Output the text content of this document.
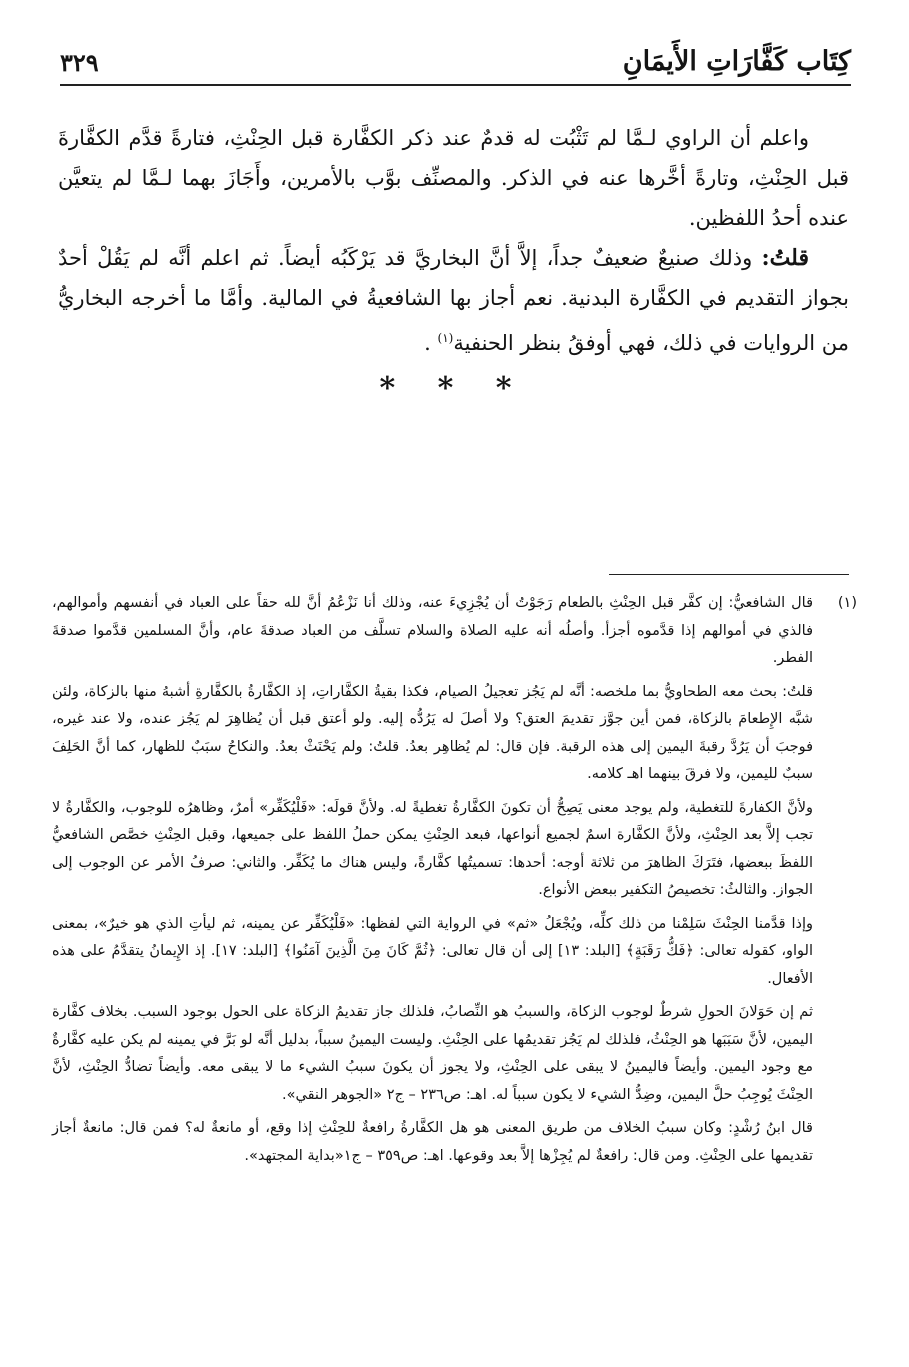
كِتَاب كَفَّارَاتِ الأَيمَانِ
٣٢٩

واعلم أن الراوي لـمَّا لم تَثْبُت له قدمٌ عند ذكر الكفَّارة قبل الحِنْثِ، فتارةً قدَّم الكفَّارةَ قبل الحِنْثِ، وتارةً أخَّرها عنه في الذكر. والمصنِّف بوَّب بالأمرين، وأَجَازَ بهما لـمَّا لم يتعيَّن عنده أحدُ اللفظين.

قلتُ: وذلك صنيعٌ ضعيفٌ جداً، إلاَّ أنَّ البخاريَّ قد يَرْكَبُه أيضاً. ثم اعلم أنَّه لم يَقُلْ أحدٌ بجواز التقديم في الكفَّارة البدنية. نعم أجاز بها الشافعيةُ في المالية. وأمَّا ما أخرجه البخاريُّ من الروايات في ذلك، فهي أوفقُ بنظر الحنفية$^{(١)}$ .

* * *
(١)

قال الشافعيُّ: إن كفَّر قبل الحِنْثِ بالطعام رَجَوْتُ أن يُجْزِيءَ عنه، وذلك أنا نَزْعُمُ أنَّ لله حقاً على العباد في أنفسهم وأموالهم، فالذي في أموالهم إذا قدَّموه أجزأ. وأصلُه أنه عليه الصلاة والسلام تسلَّف من العباد صدقةَ عام، وأنَّ المسلمين قدَّموا صدقةَ الفطر.

قلتُ: بحث معه الطحاويُّ بما ملخصه: أنَّه لم يَجُز تعجيلُ الصيام، فكذا بقيةُ الكفَّاراتِ، إذ الكفَّارةُ بالكفَّارةِ أشبهُ منها بالزكاة، ولئن شبَّه الإِطعامَ بالزكاة، فمن أين جوَّز تقديمَ العتق؟ ولا أصلَ له يَرُدُّه إليه. ولو أعتق قبل أن يُظاهِرَ لم يَجُز عنده، ولا عند غيره، فوجبَ أن يَرُدَّ رقبةَ اليمين إلى هذه الرقبة. فإن قال: لم يُظاهِر بعدُ. قلتُ: ولم يَحْنَثْ بعدُ. والنكاحُ سبَبٌ للظهار، كما أنَّ الحَلِفَ سببٌ لليمين، ولا فرقَ بينهما اهـ كلامه.

ولأنَّ الكفارةَ للتغطية، ولم يوجد معنى يَصِحُّ أن تكونَ الكفَّارةُ تغطيةً له. ولأنَّ قولَه: «فَلْيُكَفِّر» أمرٌ، وظاهرُه للوجوب، والكفَّارةُ لا تجب إلاَّ بعد الحِنْثِ، ولأنَّ الكفَّارة اسمٌ لجميع أنواعها، فبعد الحِنْثِ يمكن حملُ اللفظ على جميعها، وقبل الحِنْثِ خصَّص الشافعيُّ اللفظَ ببعضها، فتَرَكَ الظاهرَ من ثلاثة أوجه: أحدها: تسميتُها كفَّارةً، وليس هناك ما يُكَفِّر. والثاني: صرفُ الأمر عن الوجوب إلى الجواز. والثالثُ: تخصيصُ التكفير ببعض الأنواع.

وإذا قدَّمنا الحِنْثَ سَلِمْنا من ذلك كلِّه، ويُجْعَلُ «ثم» في الرواية التي لفظها: «فَلْيُكَفِّر عن يمينه، ثم ليأتِ الذي هو خيرٌ»، بمعنى الواو، كقوله تعالى: ﴿فَكُّ رَقَبَةٍ﴾ [البلد: ١٣] إلى أن قال تعالى: ﴿ثُمَّ كَانَ مِنَ الَّذِينَ آمَنُوا﴾ [البلد: ١٧]. إذ الإِيمانُ يتقدَّمُ على هذه الأفعال.

ثم إن حَوَلانَ الحولِ شرطٌ لوجوب الزكاة، والسببُ هو النِّصابُ، فلذلك جاز تقديمُ الزكاة على الحول بوجود السبب. بخلاف كفَّارة اليمين، لأنَّ سَبَبَها هو الحِنْثُ، فلذلك لم يَجُز تقديمُها على الحِنْثِ. وليست اليمينُ سبباً، بدليل أنَّه لو بَرَّ في يمينه لم يكن عليه كفَّارةٌ مع وجود اليمين. وأيضاً فاليمينُ لا يبقى على الحِنْثِ، ولا يجوز أن يكونَ سببُ الشيء ما لا يبقى معه. وأيضاً تضادُّ الحِنْثِ، لأنَّ الحِنْثَ يُوجِبُ حلَّ اليمين، وضِدُّ الشيء لا يكون سبباً له. اهـ: ص٢٣٦ – ج٢ «الجوهر النقي».

قال ابنُ رُشْدٍ: وكان سببُ الخلاف من طريق المعنى هو هل الكفَّارةُ رافعةٌ للحِنْثِ إذا وقع، أو مانعةٌ له؟ فمن قال: مانعةٌ أجاز تقديمها على الحِنْثِ. ومن قال: رافعةٌ لم يُجِزْها إلاَّ بعد وقوعها. اهـ: ص٣٥٩ – ج١«بداية المجتهد».
